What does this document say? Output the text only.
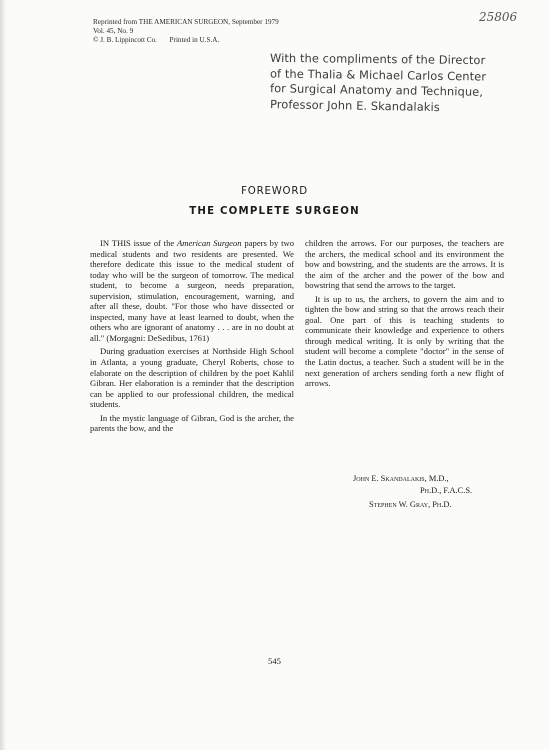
Reprinted from THE AMERICAN SURGEON, September 1979
Vol. 45, No. 9
© J. B. Lippincott Co. Printed in U.S.A.
25806
With the compliments of the Director
of the Thalia & Michael Carlos Center
for Surgical Anatomy and Technique,
Professor John E. Skandalakis
FOREWORD
THE COMPLETE SURGEON

IN THIS issue of the American Surgeon papers by two medical students and two residents are presented. We therefore dedicate this issue to the medical student of today who will be the surgeon of tomorrow. The medical student, to become a surgeon, needs preparation, supervision, stimulation, encouragement, warning, and after all these, doubt. "For those who have dissected or inspected, many have at least learned to doubt, when the others who are ignorant of anatomy . . . are in no doubt at all." (Morgagni: DeSedibus, 1761)

During graduation exercises at Northside High School in Atlanta, a young graduate, Cheryl Roberts, chose to elaborate on the description of children by the poet Kahlil Gibran. Her elaboration is a reminder that the description can be applied to our professional children, the medical students.

In the mystic language of Gibran, God is the archer, the parents the bow, and the

children the arrows. For our purposes, the teachers are the archers, the medical school and its environment the bow and bowstring, and the students are the arrows. It is the aim of the archer and the power of the bow and bowstring that send the arrows to the target.

It is up to us, the archers, to govern the aim and to tighten the bow and string so that the arrows reach their goal. One part of this is teaching students to communicate their knowledge and experience to others through medical writing. It is only by writing that the student will become a complete "doctor" in the sense of the Latin doctus, a teacher. Such a student will be in the next generation of archers sending forth a new flight of arrows.

John E. Skandalakis, M.D.,
Ph.D., F.A.C.S.
Stephen W. Gray, Ph.D.
545
